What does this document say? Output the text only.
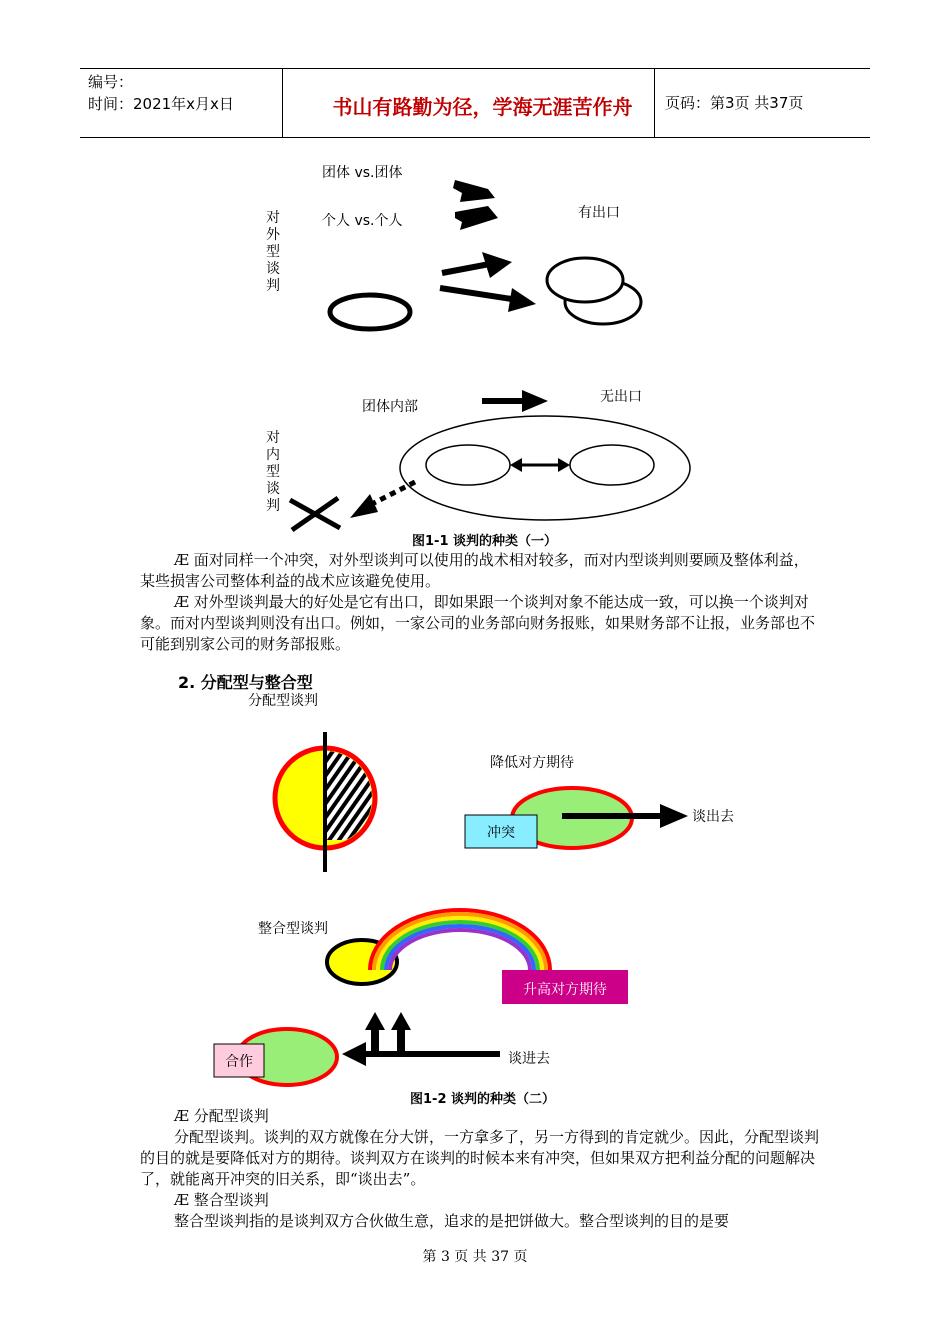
编号：
时间：2021年x月x日	书山有路勤为径，学海无涯苦作舟	页码：第3页 共37页
对外型谈判
对内型谈判
团体 vs.团体
个人 vs.个人	有出口
团体内部
无出口
图1-1 谈判的种类（一）

Æ 面对同样一个冲突，对外型谈判可以使用的战术相对较多，而对内型谈判则要顾及整体利益，某些损害公司整体利益的战术应该避免使用。

Æ 对外型谈判最大的好处是它有出口，即如果跟一个谈判对象不能达成一致，可以换一个谈判对象。而对内型谈判则没有出口。例如，一家公司的业务部向财务报账，如果财务部不让报，业务部也不可能到别家公司的财务部报账。

2. 分配型与整合型
分配型谈判
降低对方期待
冲突
谈出去
整合型谈判
升高对方期待
合作	谈进去
图1-2 谈判的种类（二）

Æ 分配型谈判

分配型谈判。谈判的双方就像在分大饼，一方拿多了，另一方得到的肯定就少。因此，分配型谈判的目的就是要降低对方的期待。谈判双方在谈判的时候本来有冲突，但如果双方把利益分配的问题解决了，就能离开冲突的旧关系，即“谈出去”。

Æ 整合型谈判

整合型谈判指的是谈判双方合伙做生意，追求的是把饼做大。整合型谈判的目的是要

第 3 页 共 37 页
